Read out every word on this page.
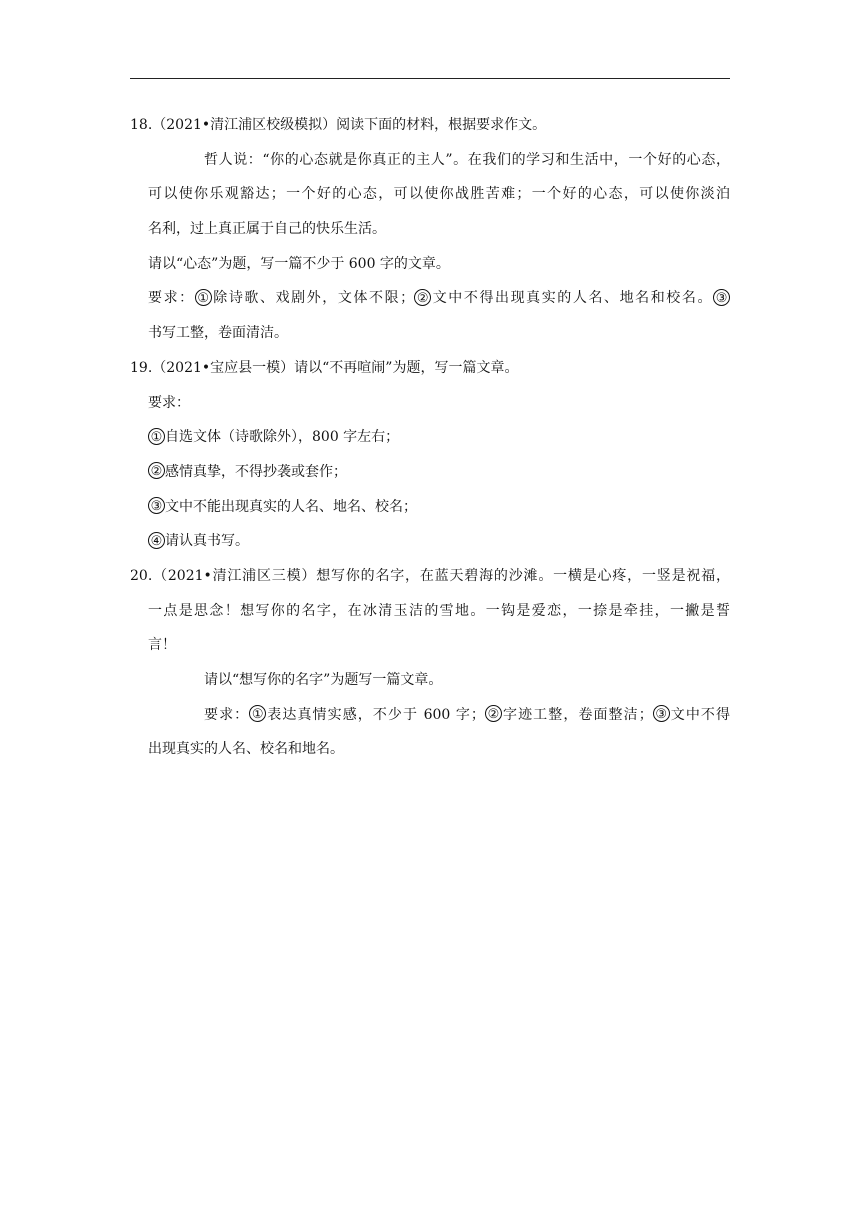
18.（2021•清江浦区校级模拟）阅读下面的材料，根据要求作文。
哲人说：“你的心态就是你真正的主人”。在我们的学习和生活中，一个好的心态，
可以使你乐观豁达；一个好的心态，可以使你战胜苦难；一个好的心态，可以使你淡泊
名利，过上真正属于自己的快乐生活。
请以“心态”为题，写一篇不少于 600 字的文章。
要求： ① 除诗歌、戏剧外，文体不限； ② 文中不得出现真实的人名、地名和校名。 ③
书写工整，卷面清洁。
19.（2021•宝应县一模）请以“不再喧闹”为题，写一篇文章。
要求：
① 自选文体（诗歌除外），800 字左右；
② 感情真挚，不得抄袭或套作；
③ 文中不能出现真实的人名、地名、校名；
④ 请认真书写。
20.（2021•清江浦区三模）想写你的名字，在蓝天碧海的沙滩。一横是心疼，一竖是祝福，
一点是思念！想写你的名字，在冰清玉洁的雪地。一钩是爱恋，一捺是牵挂，一撇是誓
言！
请以“想写你的名字”为题写一篇文章。
要求： ① 表达真情实感，不少于 600 字； ② 字迹工整，卷面整洁； ③ 文中不得
出现真实的人名、校名和地名。
